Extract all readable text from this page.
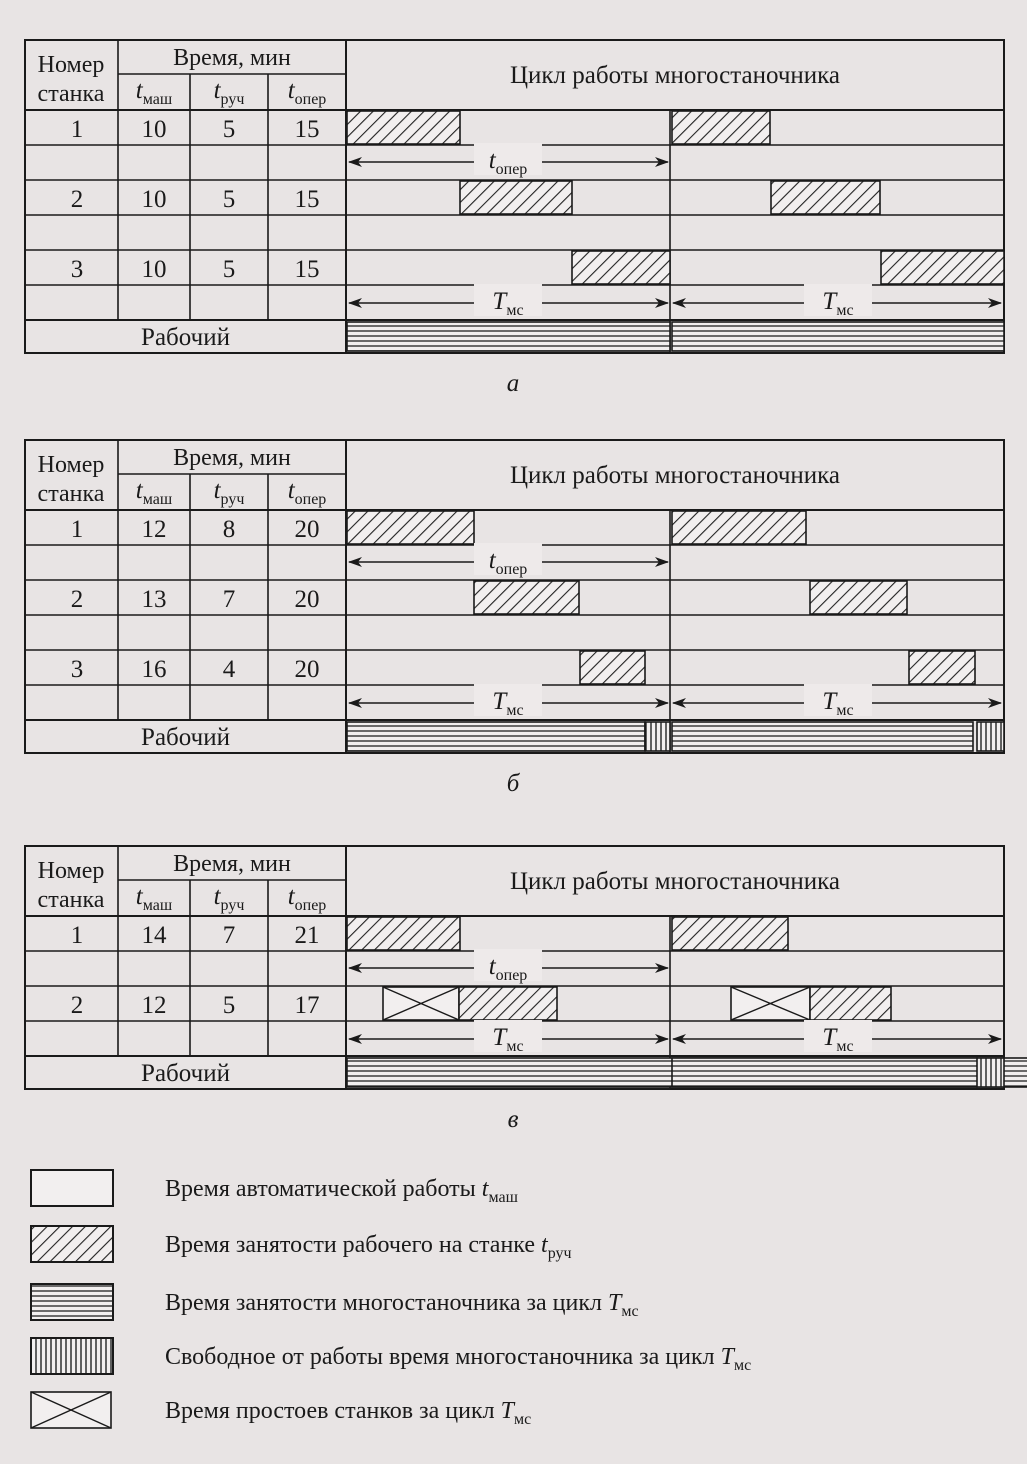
Номер
станка
Время, мин
$t_{маш}$ $t_{руч}$ $t_{опер}$
Цикл работы многостаночника
1 10 5 15
2 10 5 15
3 10 5 15
$t_{опер}$
$T_{мс}$	$T_{мс}$
Рабочий
а
Номер
станка
Время, мин
$t_{маш}$ $t_{руч}$ $t_{опер}$
Цикл работы многостаночника
1 12 8 20
2 13 7 20
3 16 4 20
$t_{опер}$
$T_{мс}$	$T_{мс}$
Рабочий
б
Номер
станка
Время, мин
$t_{маш}$ $t_{руч}$ $t_{опер}$
Цикл работы многостаночника
1 14 7 21
2 12 5 17
$t_{опер}$
$T_{мс}$	$T_{мс}$
Рабочий
в
Время автоматической работы $t_{маш}$
Время занятости рабочего на станке $t_{руч}$
Время занятости многостаночника за цикл $T_{мс}$
Свободное от работы время многостаночника за цикл $T_{мс}$
Время простоев станков за цикл $T_{мс}$
